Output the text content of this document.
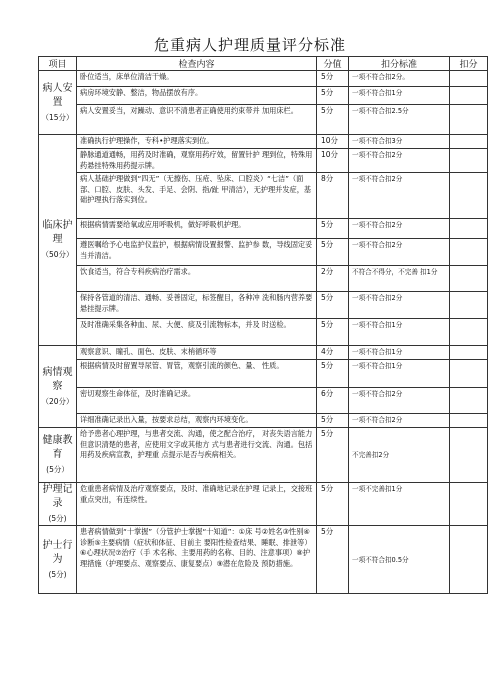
危重病人护理质量评分标准
项目	检查内容	分值	扣分标准	扣分

病人安置
（15分）	卧位适当，床单位清洁干燥。	5分	一项不符合扣2分。	
	病房环境安静、整洁，物品摆放有序。	5分	一项不符合扣1分	
	病人安置妥当，对躁动、意识不清患者正确使用约束带并 加用床栏。	5分	一项不符合扣2.5分	

临床护理
（50分）	准确执行护理操作，专科•护理落实到位。	10分	一项不符合扣3分	
	静脉通道通畅，用药及时准确，观察用药疗效，留置针护 理到位，特殊用药悬挂特殊用药提示牌。	10分	一项不符合扣2分	
	病人基础护理做到“四无”（无擦伤、压疮、坠床、口腔炎）“七洁”（面部、口腔、皮肤、头发、手足、会阴、指/趾 甲清洁），无护理并发症，基础护理执行落实到位。	8分	一项不符合扣2分	
	根据病情需要给氧或应用呼吸机，做好呼吸机护理。	5分	一项不符合扣2分	
	遵医嘱给予心电监护仪监护，根据病情设置报警、监护参 数，导线固定妥当并清洁。	5分	一项不符合扣2分	
	饮食适当，符合专科疾病治疗需求。	2分	不符合不得分，不完善 扣1分	
	保持各管道的清洁、通畅、妥善固定，标签醒目，各种冲 洗和肠内营养要悬挂提示牌。	5分	一项不符合扣2分	
	及时准确采集各种血、尿、大便、痰及引流物标本，并及 时送检。	5分	一项不符合扣1分	

病情观察
（20分）	观察意识、瞳孔、面色、皮肤、末梢循环等	4分	一项不符合扣1分	
	根据病情及时留置导尿管、胃管，观察引流的颜色、量、 性质。	5分	一项不符合扣1分	
	密切观察生命体征，及时准确记录。	6分	一项不符合扣2分	
	详细准确记录出入量，按要求总结，观察内环境变化。	5分	一项不符合扣2分	

健康教育
(5分）	给予患者心理护理，与患者交流、沟通，使之配合治疗， 对丧失语言能力但意识清楚的患者，应使用文字或其他方 式与患者进行交流、沟通。包括用药及疾病宣教，护理重 点提示是否与疾病相关。	5分	不完善扣2分	

护理记录
(5分)	危重患者病情及治疗观察要点，及时、准确地记录在护理 记录上，交接班重点突出，有连续性。	5分	一项不完善扣1分	

护士行为
(5分)	患者病情做到“十掌握”（分管护士掌握“十知道”：①床 号②姓名③性别④诊断⑤主要病情（症状和体征、目前主 要阳性检查结果、睡眠、排泄等）⑥心理状况⑦治疗（手 术名称、主要用药的名称、目的、注意事项）⑧护理措施（护理要点、观察要点、康复要点）⑨潜在危险及 预防措施。	5分	一项不符合扣0.5分	
